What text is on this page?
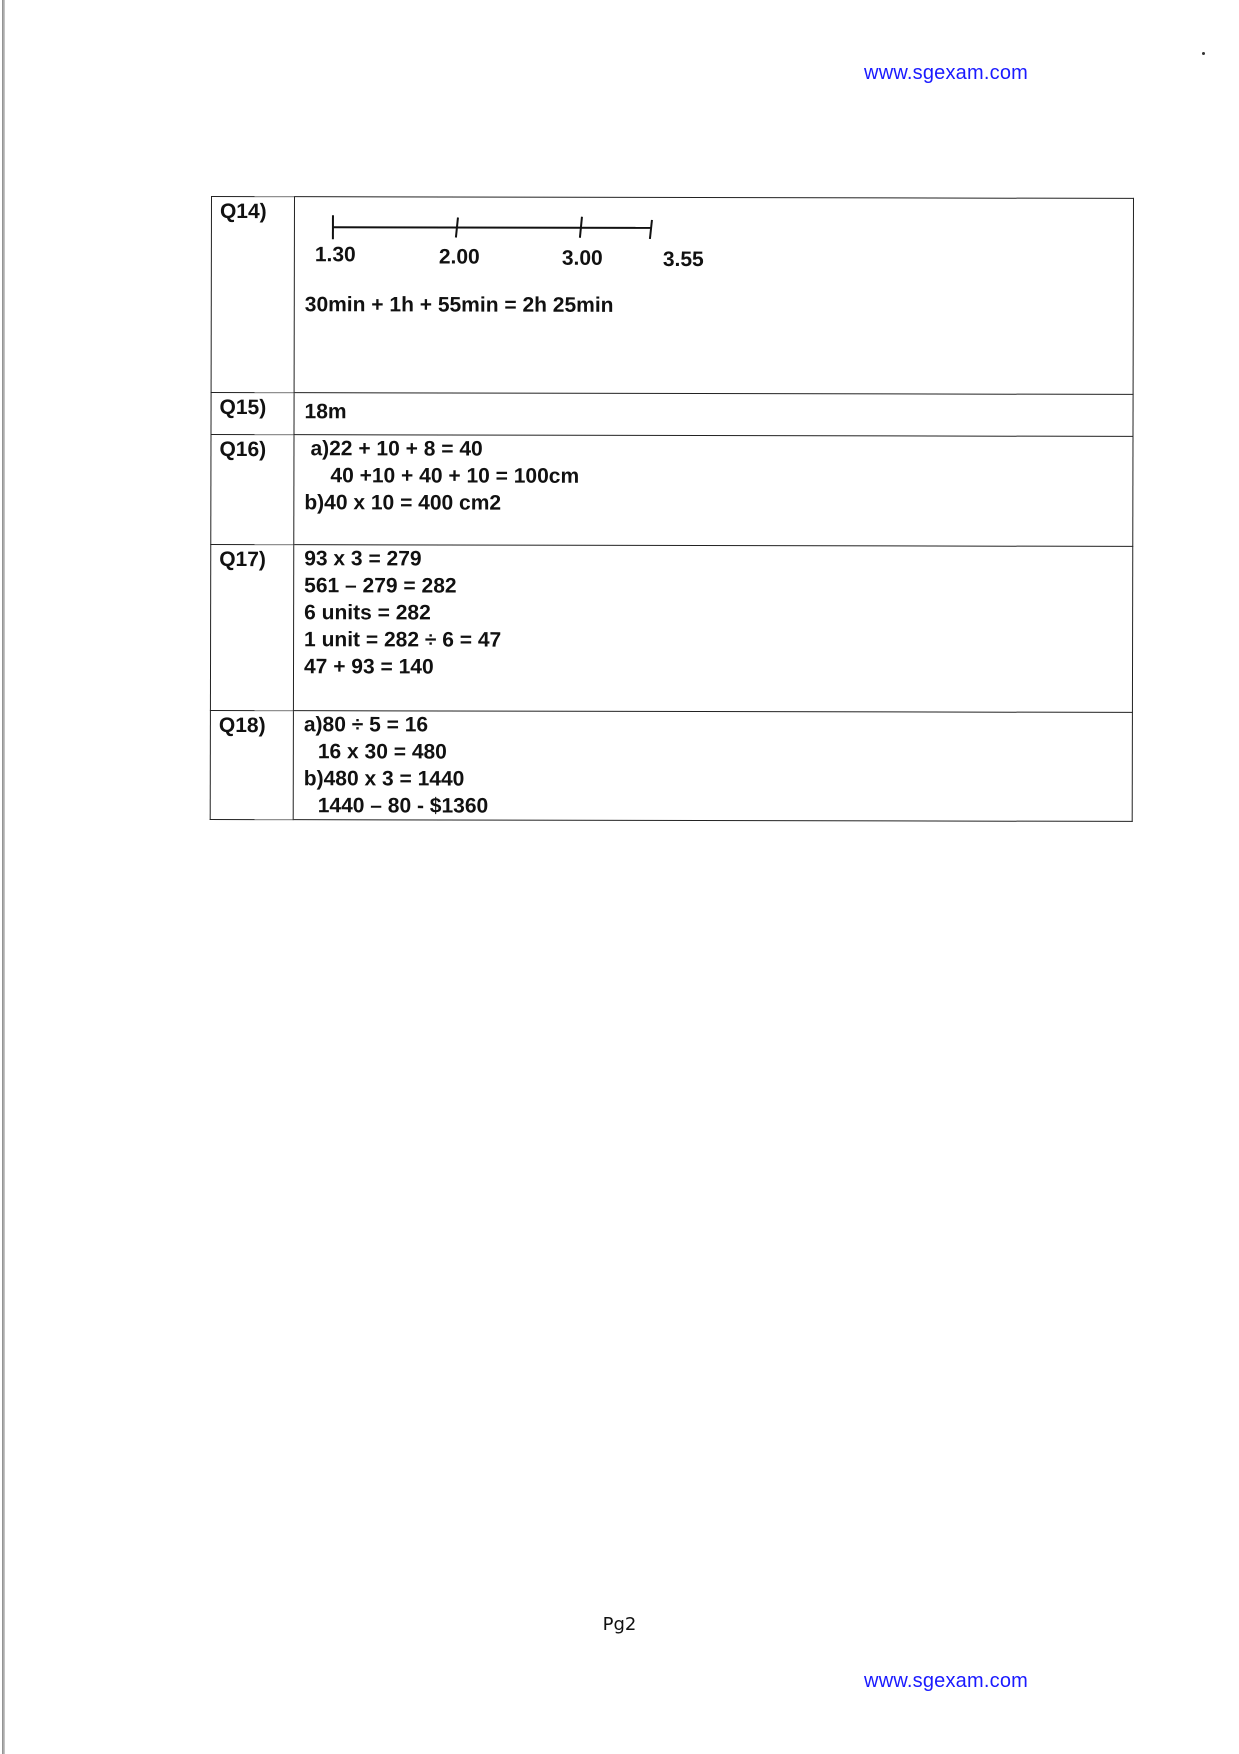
www.sgexam.com
Q14)	1.30 2.00 3.00 3.55
30min + 1h + 55min = 2h 25min

Q15)	18m

Q16)	a)22 + 10 + 8 = 40
40 +10 + 40 + 10 = 100cm
b)40 x 10 = 400 cm2

Q17)	93 x 3 = 279
561 – 279 = 282
6 units = 282
1 unit = 282 ÷ 6 = 47
47 + 93 = 140

Q18)	a)80 ÷ 5 = 16
16 x 30 = 480
b)480 x 3 = 1440
1440 – 80 - $1360
Pg2
www.sgexam.com
